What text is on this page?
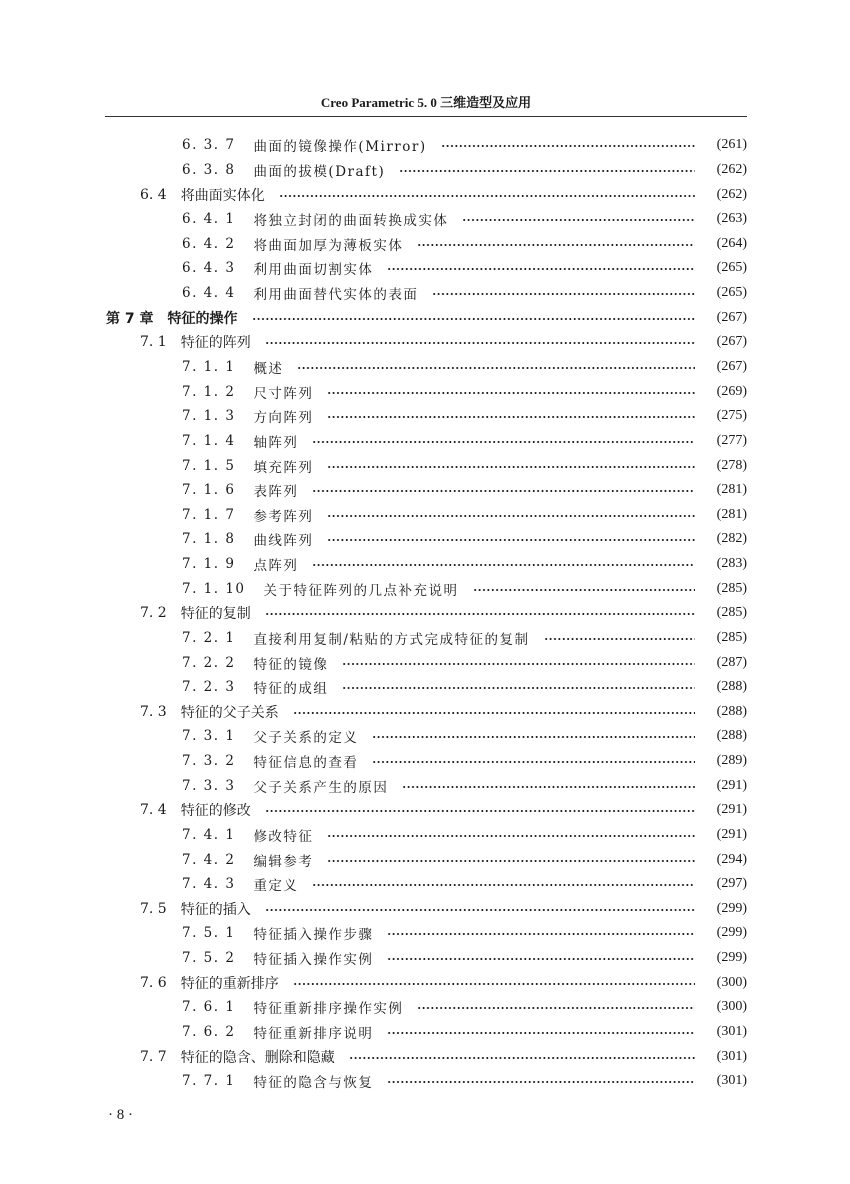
Creo Parametric 5. 0 三维造型及应用
6. 3. 7 曲面的镜像操作(Mirror)	(261)
6. 3. 8 曲面的拔模(Draft)	(262)
6. 4 将曲面实体化	(262)
6. 4. 1 将独立封闭的曲面转换成实体	(263)
6. 4. 2 将曲面加厚为薄板实体	(264)
6. 4. 3 利用曲面切割实体	(265)
6. 4. 4 利用曲面替代实体的表面	(265)
第 7 章 特征的操作	(267)
7. 1 特征的阵列	(267)
7. 1. 1 概述	(267)
7. 1. 2 尺寸阵列	(269)
7. 1. 3 方向阵列	(275)
7. 1. 4 轴阵列	(277)
7. 1. 5 填充阵列	(278)
7. 1. 6 表阵列	(281)
7. 1. 7 参考阵列	(281)
7. 1. 8 曲线阵列	(282)
7. 1. 9 点阵列	(283)
7. 1. 10 关于特征阵列的几点补充说明	(285)
7. 2 特征的复制	(285)
7. 2. 1 直接利用复制/粘贴的方式完成特征的复制	(285)
7. 2. 2 特征的镜像	(287)
7. 2. 3 特征的成组	(288)
7. 3 特征的父子关系	(288)
7. 3. 1 父子关系的定义	(288)
7. 3. 2 特征信息的查看	(289)
7. 3. 3 父子关系产生的原因	(291)
7. 4 特征的修改	(291)
7. 4. 1 修改特征	(291)
7. 4. 2 编辑参考	(294)
7. 4. 3 重定义	(297)
7. 5 特征的插入	(299)
7. 5. 1 特征插入操作步骤	(299)
7. 5. 2 特征插入操作实例	(299)
7. 6 特征的重新排序	(300)
7. 6. 1 特征重新排序操作实例	(300)
7. 6. 2 特征重新排序说明	(301)
7. 7 特征的隐含、删除和隐藏	(301)
7. 7. 1 特征的隐含与恢复	(301)
· 8 ·
